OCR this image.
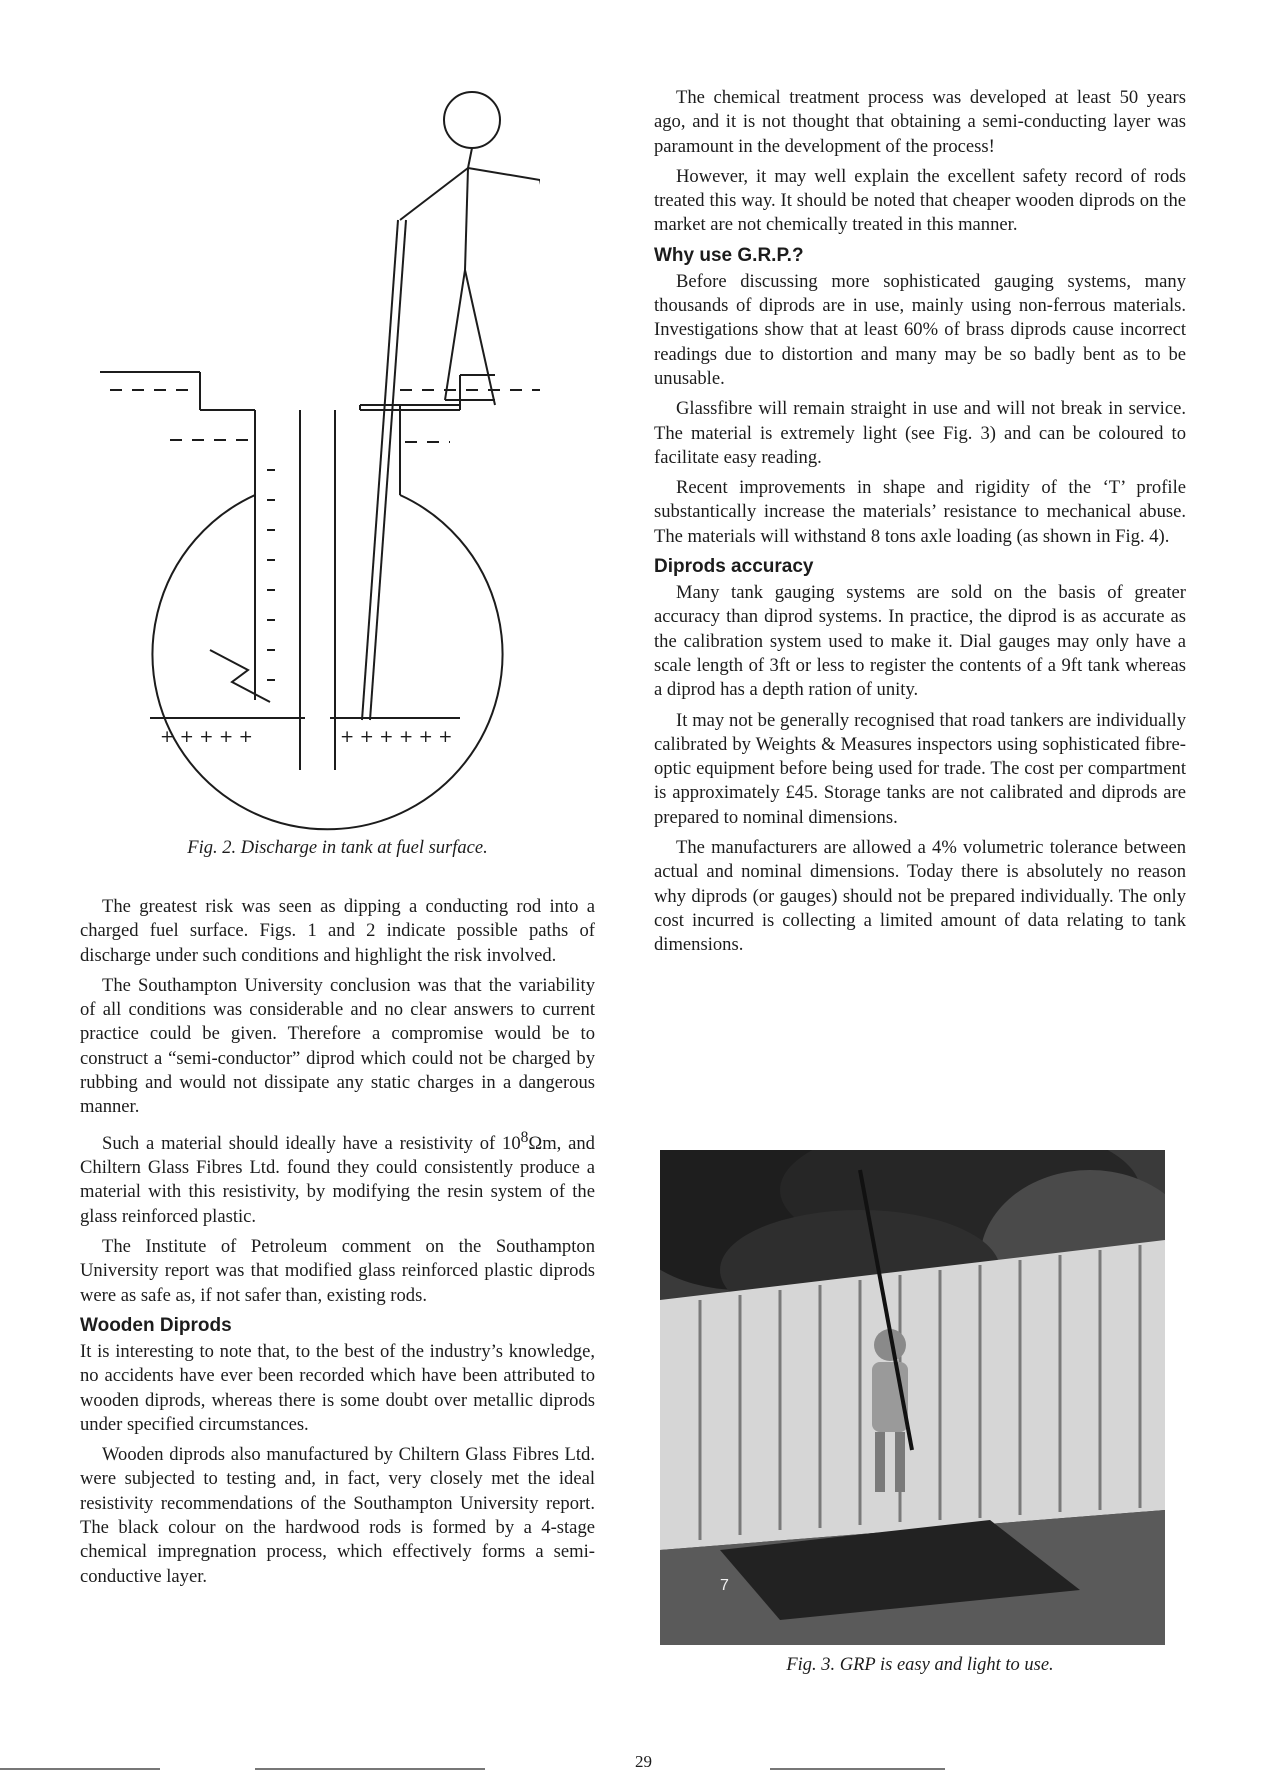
+ + + + +	+ + + + + +
Fig. 2. Discharge in tank at fuel surface.

The greatest risk was seen as dipping a conducting rod into a charged fuel surface. Figs. 1 and 2 indicate possible paths of discharge under such conditions and highlight the risk involved.

The Southampton University conclusion was that the variability of all conditions was considerable and no clear answers to current practice could be given. Therefore a compromise would be to construct a “semi-conductor” diprod which could not be charged by rubbing and would not dissipate any static charges in a dangerous manner.

Such a material should ideally have a resistivity of $10^8\Omega m$, and Chiltern Glass Fibres Ltd. found they could consistently produce a material with this resistivity, by modifying the resin system of the glass reinforced plastic.

The Institute of Petroleum comment on the Southampton University report was that modified glass reinforced plastic diprods were as safe as, if not safer than, existing rods.

Wooden Diprods

It is interesting to note that, to the best of the industry’s knowledge, no accidents have ever been recorded which have been attributed to wooden diprods, whereas there is some doubt over metallic diprods under specified circumstances.

Wooden diprods also manufactured by Chiltern Glass Fibres Ltd. were subjected to testing and, in fact, very closely met the ideal resistivity recommendations of the Southampton University report. The black colour on the hardwood rods is formed by a 4-stage chemical impregnation process, which effectively forms a semi-conductive layer.

The chemical treatment process was developed at least 50 years ago, and it is not thought that obtaining a semi-conducting layer was paramount in the development of the process!

However, it may well explain the excellent safety record of rods treated this way. It should be noted that cheaper wooden diprods on the market are not chemically treated in this manner.

Why use G.R.P.?

Before discussing more sophisticated gauging systems, many thousands of diprods are in use, mainly using non-ferrous materials. Investigations show that at least 60% of brass diprods cause incorrect readings due to distortion and many may be so badly bent as to be unusable.

Glassfibre will remain straight in use and will not break in service. The material is extremely light (see Fig. 3) and can be coloured to facilitate easy reading.

Recent improvements in shape and rigidity of the ‘T’ profile substantically increase the materials’ resistance to mechanical abuse. The materials will withstand 8 tons axle loading (as shown in Fig. 4).

Diprods accuracy

Many tank gauging systems are sold on the basis of greater accuracy than diprod systems. In practice, the diprod is as accurate as the calibration system used to make it. Dial gauges may only have a scale length of 3ft or less to register the contents of a 9ft tank whereas a diprod has a depth ration of unity.

It may not be generally recognised that road tankers are individually calibrated by Weights & Measures inspectors using sophisticated fibre-optic equipment before being used for trade. The cost per compartment is approximately £45. Storage tanks are not calibrated and diprods are prepared to nominal dimensions.

The manufacturers are allowed a 4% volumetric tolerance between actual and nominal dimensions. Today there is absolutely no reason why diprods (or gauges) should not be prepared individually. The only cost incurred is collecting a limited amount of data relating to tank dimensions.

7
Fig. 3. GRP is easy and light to use.
29
